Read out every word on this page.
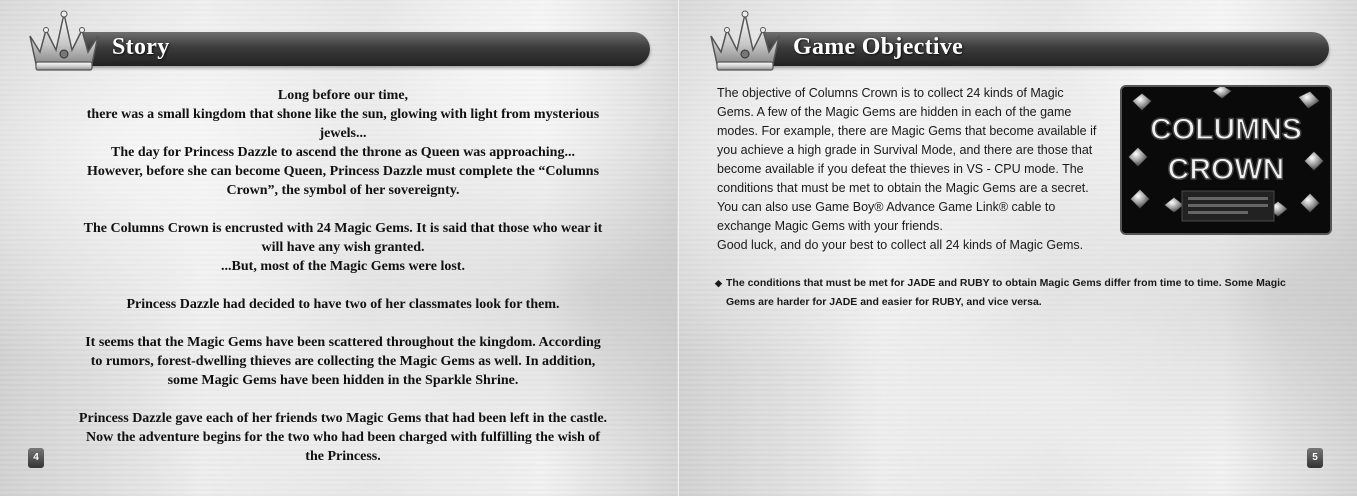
Story

Long before our time,
there was a small kingdom that shone like the sun, glowing with light from mysterious
jewels...
The day for Princess Dazzle to ascend the throne as Queen was approaching...
However, before she can become Queen, Princess Dazzle must complete the “Columns
Crown”, the symbol of her sovereignty.

The Columns Crown is encrusted with 24 Magic Gems. It is said that those who wear it
will have any wish granted.
...But, most of the Magic Gems were lost.

Princess Dazzle had decided to have two of her classmates look for them.

It seems that the Magic Gems have been scattered throughout the kingdom. According
to rumors, forest-dwelling thieves are collecting the Magic Gems as well. In addition,
some Magic Gems have been hidden in the Sparkle Shrine.

Princess Dazzle gave each of her friends two Magic Gems that had been left in the castle.
Now the adventure begins for the two who had been charged with fulfilling the wish of
the Princess.

4
Game Objective
The objective of Columns Crown is to collect 24 kinds of Magic
Gems. A few of the Magic Gems are hidden in each of the game
modes. For example, there are Magic Gems that become available if
you achieve a high grade in Survival Mode, and there are those that
become available if you defeat the thieves in VS - CPU mode. The
conditions that must be met to obtain the Magic Gems are a secret.
You can also use Game Boy® Advance Game Link® cable to
exchange Magic Gems with your friends.
Good luck, and do your best to collect all 24 kinds of Magic Gems.
COLUMNS
CROWN
◆ The conditions that must be met for JADE and RUBY to obtain Magic Gems differ from time to time. Some Magic
Gems are harder for JADE and easier for RUBY, and vice versa.
5
